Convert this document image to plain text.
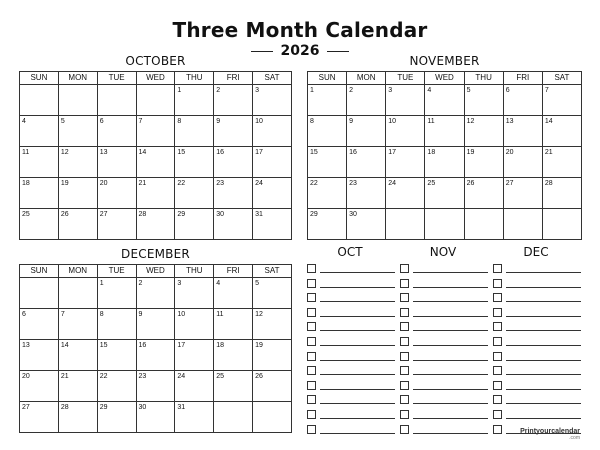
Three Month Calendar
2026
OCTOBER
SUN	MON	TUE	WED	THU	FRI	SAT

				1	2	3

4	5	6	7	8	9	10

11	12	13	14	15	16	17

18	19	20	21	22	23	24

25	26	27	28	29	30	31
NOVEMBER
SUN	MON	TUE	WED	THU	FRI	SAT

1	2	3	4	5	6	7

8	9	10	11	12	13	14

15	16	17	18	19	20	21

22	23	24	25	26	27	28

29	30					

DECEMBER
SUN	MON	TUE	WED	THU	FRI	SAT

		1	2	3	4	5

6	7	8	9	10	11	12

13	14	15	16	17	18	19

20	21	22	23	24	25	26

27	28	29	30	31		

OCT	NOV	DEC
Printyourcalendar
.com
